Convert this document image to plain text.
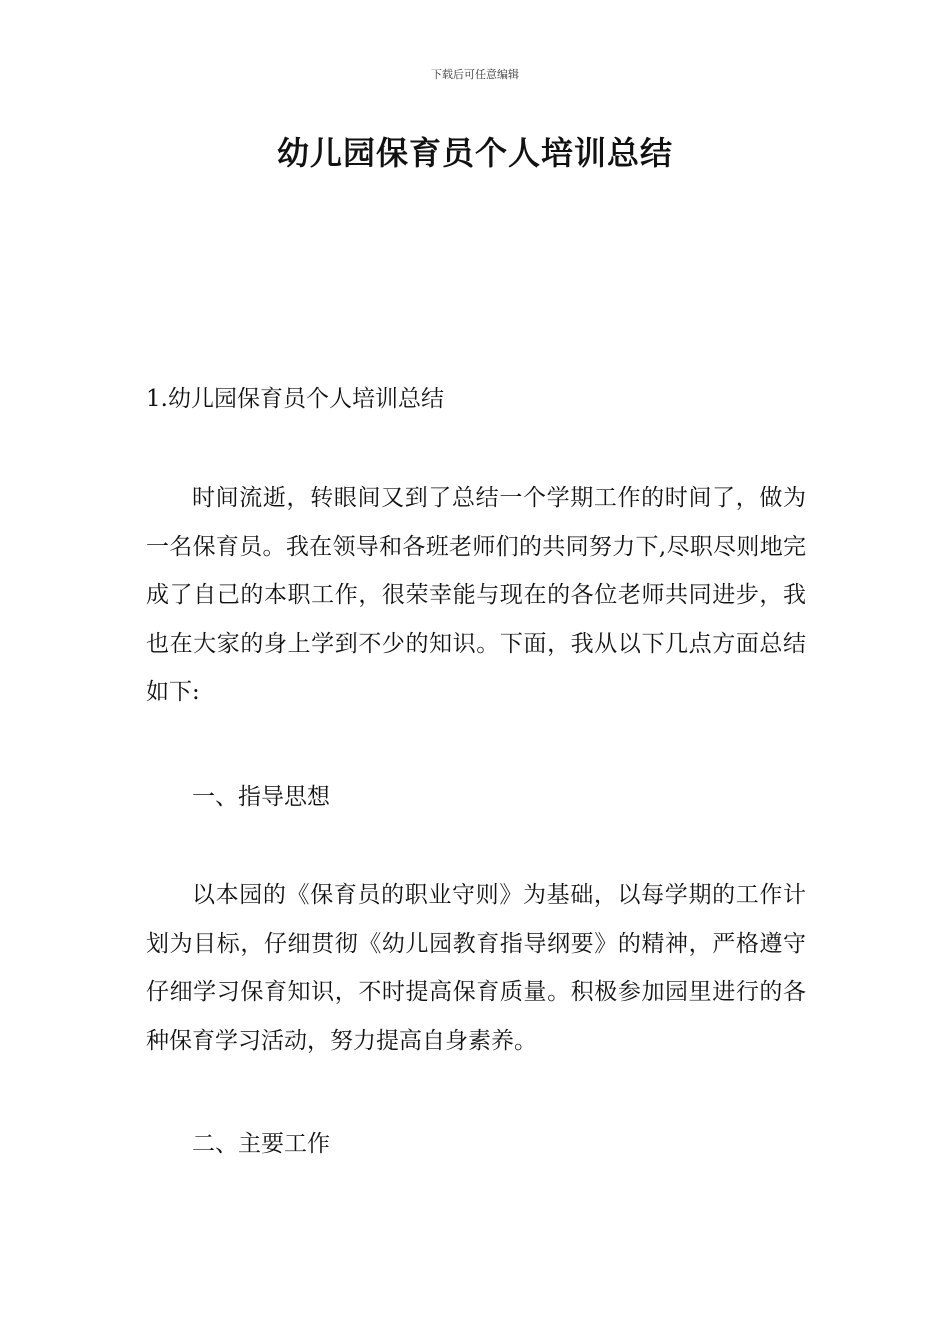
下载后可任意编辑
幼儿园保育员个人培训总结

1.幼儿园保育员个人培训总结

时间流逝，转眼间又到了总结一个学期工作的时间了，做为一名保育员。我在领导和各班老师们的共同努力下,尽职尽则地完成了自己的本职工作，很荣幸能与现在的各位老师共同进步，我也在大家的身上学到不少的知识。下面，我从以下几点方面总结如下:

一、指导思想

以本园的《保育员的职业守则》为基础，以每学期的工作计划为目标，仔细贯彻《幼儿园教育指导纲要》的精神，严格遵守仔细学习保育知识，不时提高保育质量。积极参加园里进行的各种保育学习活动，努力提高自身素养。

二、主要工作
